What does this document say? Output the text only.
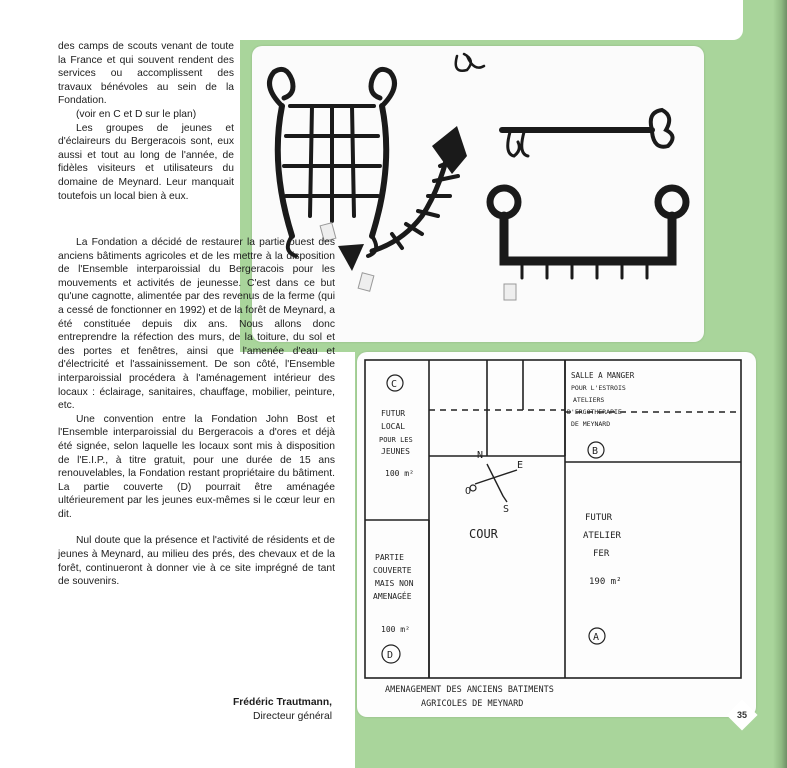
N
E
S
O
C
FUTUR
LOCAL
POUR LES
JEUNES
100 m²
PARTIE
COUVERTE
MAIS NON
AMENAGÉE
100 m²
D
COUR
SALLE A MANGER
POUR L'ESTROIS
ATELIERS
D'ERGOTHERAPIE
DE MEYNARD
B
FUTUR
ATELIER
FER
190 m²
A
AMENAGEMENT DES ANCIENS BATIMENTS
AGRICOLES DE MEYNARD

des camps de scouts venant de toute la France et qui souvent rendent des services ou accomplissent des travaux bénévoles au sein de la Fondation.

(voir en C et D sur le plan)

Les groupes de jeunes et d'éclaireurs du Bergeracois sont, eux aussi et tout au long de l'année, de fidèles visiteurs et utilisateurs du domaine de Meynard. Leur manquait toutefois un local bien à eux.

La Fondation a décidé de restaurer la partie ouest des anciens bâtiments agricoles et de les mettre à la disposition de l'Ensemble interparoissial du Bergeracois pour les mouvements et activités de jeunesse. C'est dans ce but qu'une cagnotte, alimentée par des revenus de la ferme (qui a cessé de fonctionner en 1992) et de la forêt de Meynard, a été constituée depuis dix ans. Nous allons donc entreprendre la réfection des murs, de la toiture, du sol et des portes et fenêtres, ainsi que l'amenée d'eau et d'électricité et l'assainissement. De son côté, l'Ensemble interparoissial procédera à l'aménagement intérieur des locaux : éclairage, sanitaires, chauffage, mobilier, peinture, etc.

Une convention entre la Fondation John Bost et l'Ensemble interparoissial du Bergeracois a d'ores et déjà été signée, selon laquelle les locaux sont mis à disposition de l'E.I.P., à titre gratuit, pour une durée de 15 ans renouvelables, la Fondation restant propriétaire du bâtiment. La partie couverte (D) pourrait être aménagée ultérieurement par les jeunes eux-mêmes si le cœur leur en dit.

Nul doute que la présence et l'activité de résidents et de jeunes à Meynard, au milieu des prés, des chevaux et de la forêt, continueront à donner vie à ce site imprégné de tant de souvenirs.

Frédéric Trautmann,
Directeur général	35
